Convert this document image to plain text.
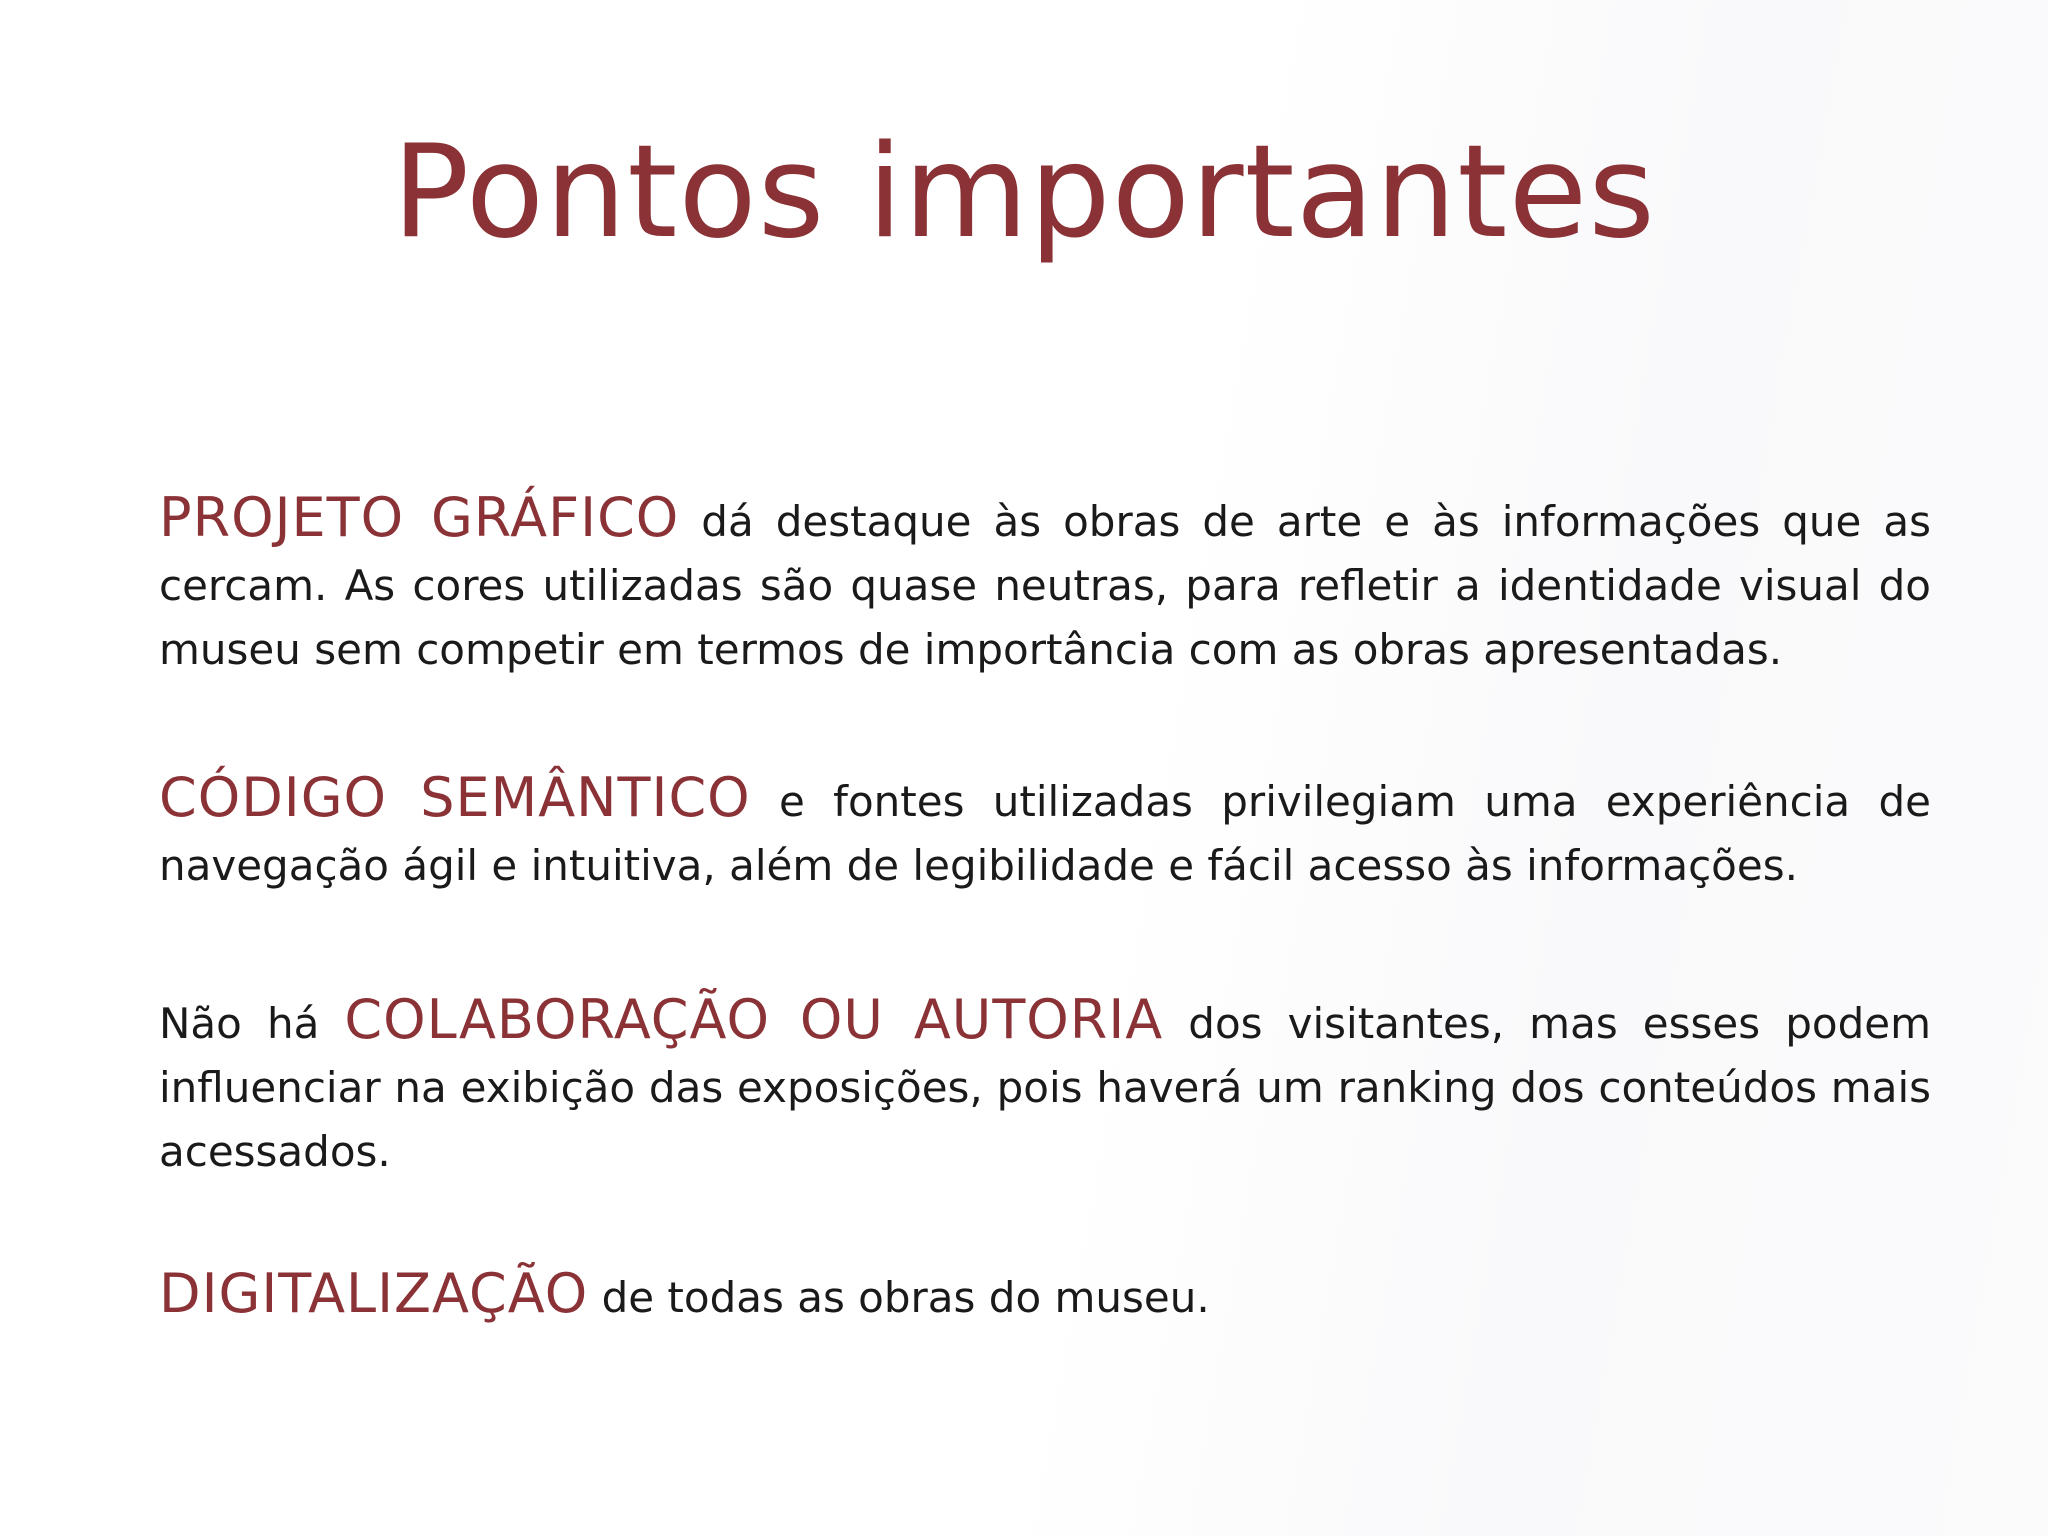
Pontos importantes

PROJETO GRÁFICO dá destaque às obras de arte e às informações que as cercam. As cores utilizadas são quase neutras, para refletir a identidade visual do museu sem competir em termos de importância com as obras apresentadas.

CÓDIGO SEMÂNTICO e fontes utilizadas privilegiam uma experiência de navegação ágil e intuitiva, além de legibilidade e fácil acesso às informações.

Não há COLABORAÇÃO OU AUTORIA dos visitantes, mas esses podem influenciar na exibição das exposições, pois haverá um ranking dos conteúdos mais acessados.

DIGITALIZAÇÃO de todas as obras do museu.
